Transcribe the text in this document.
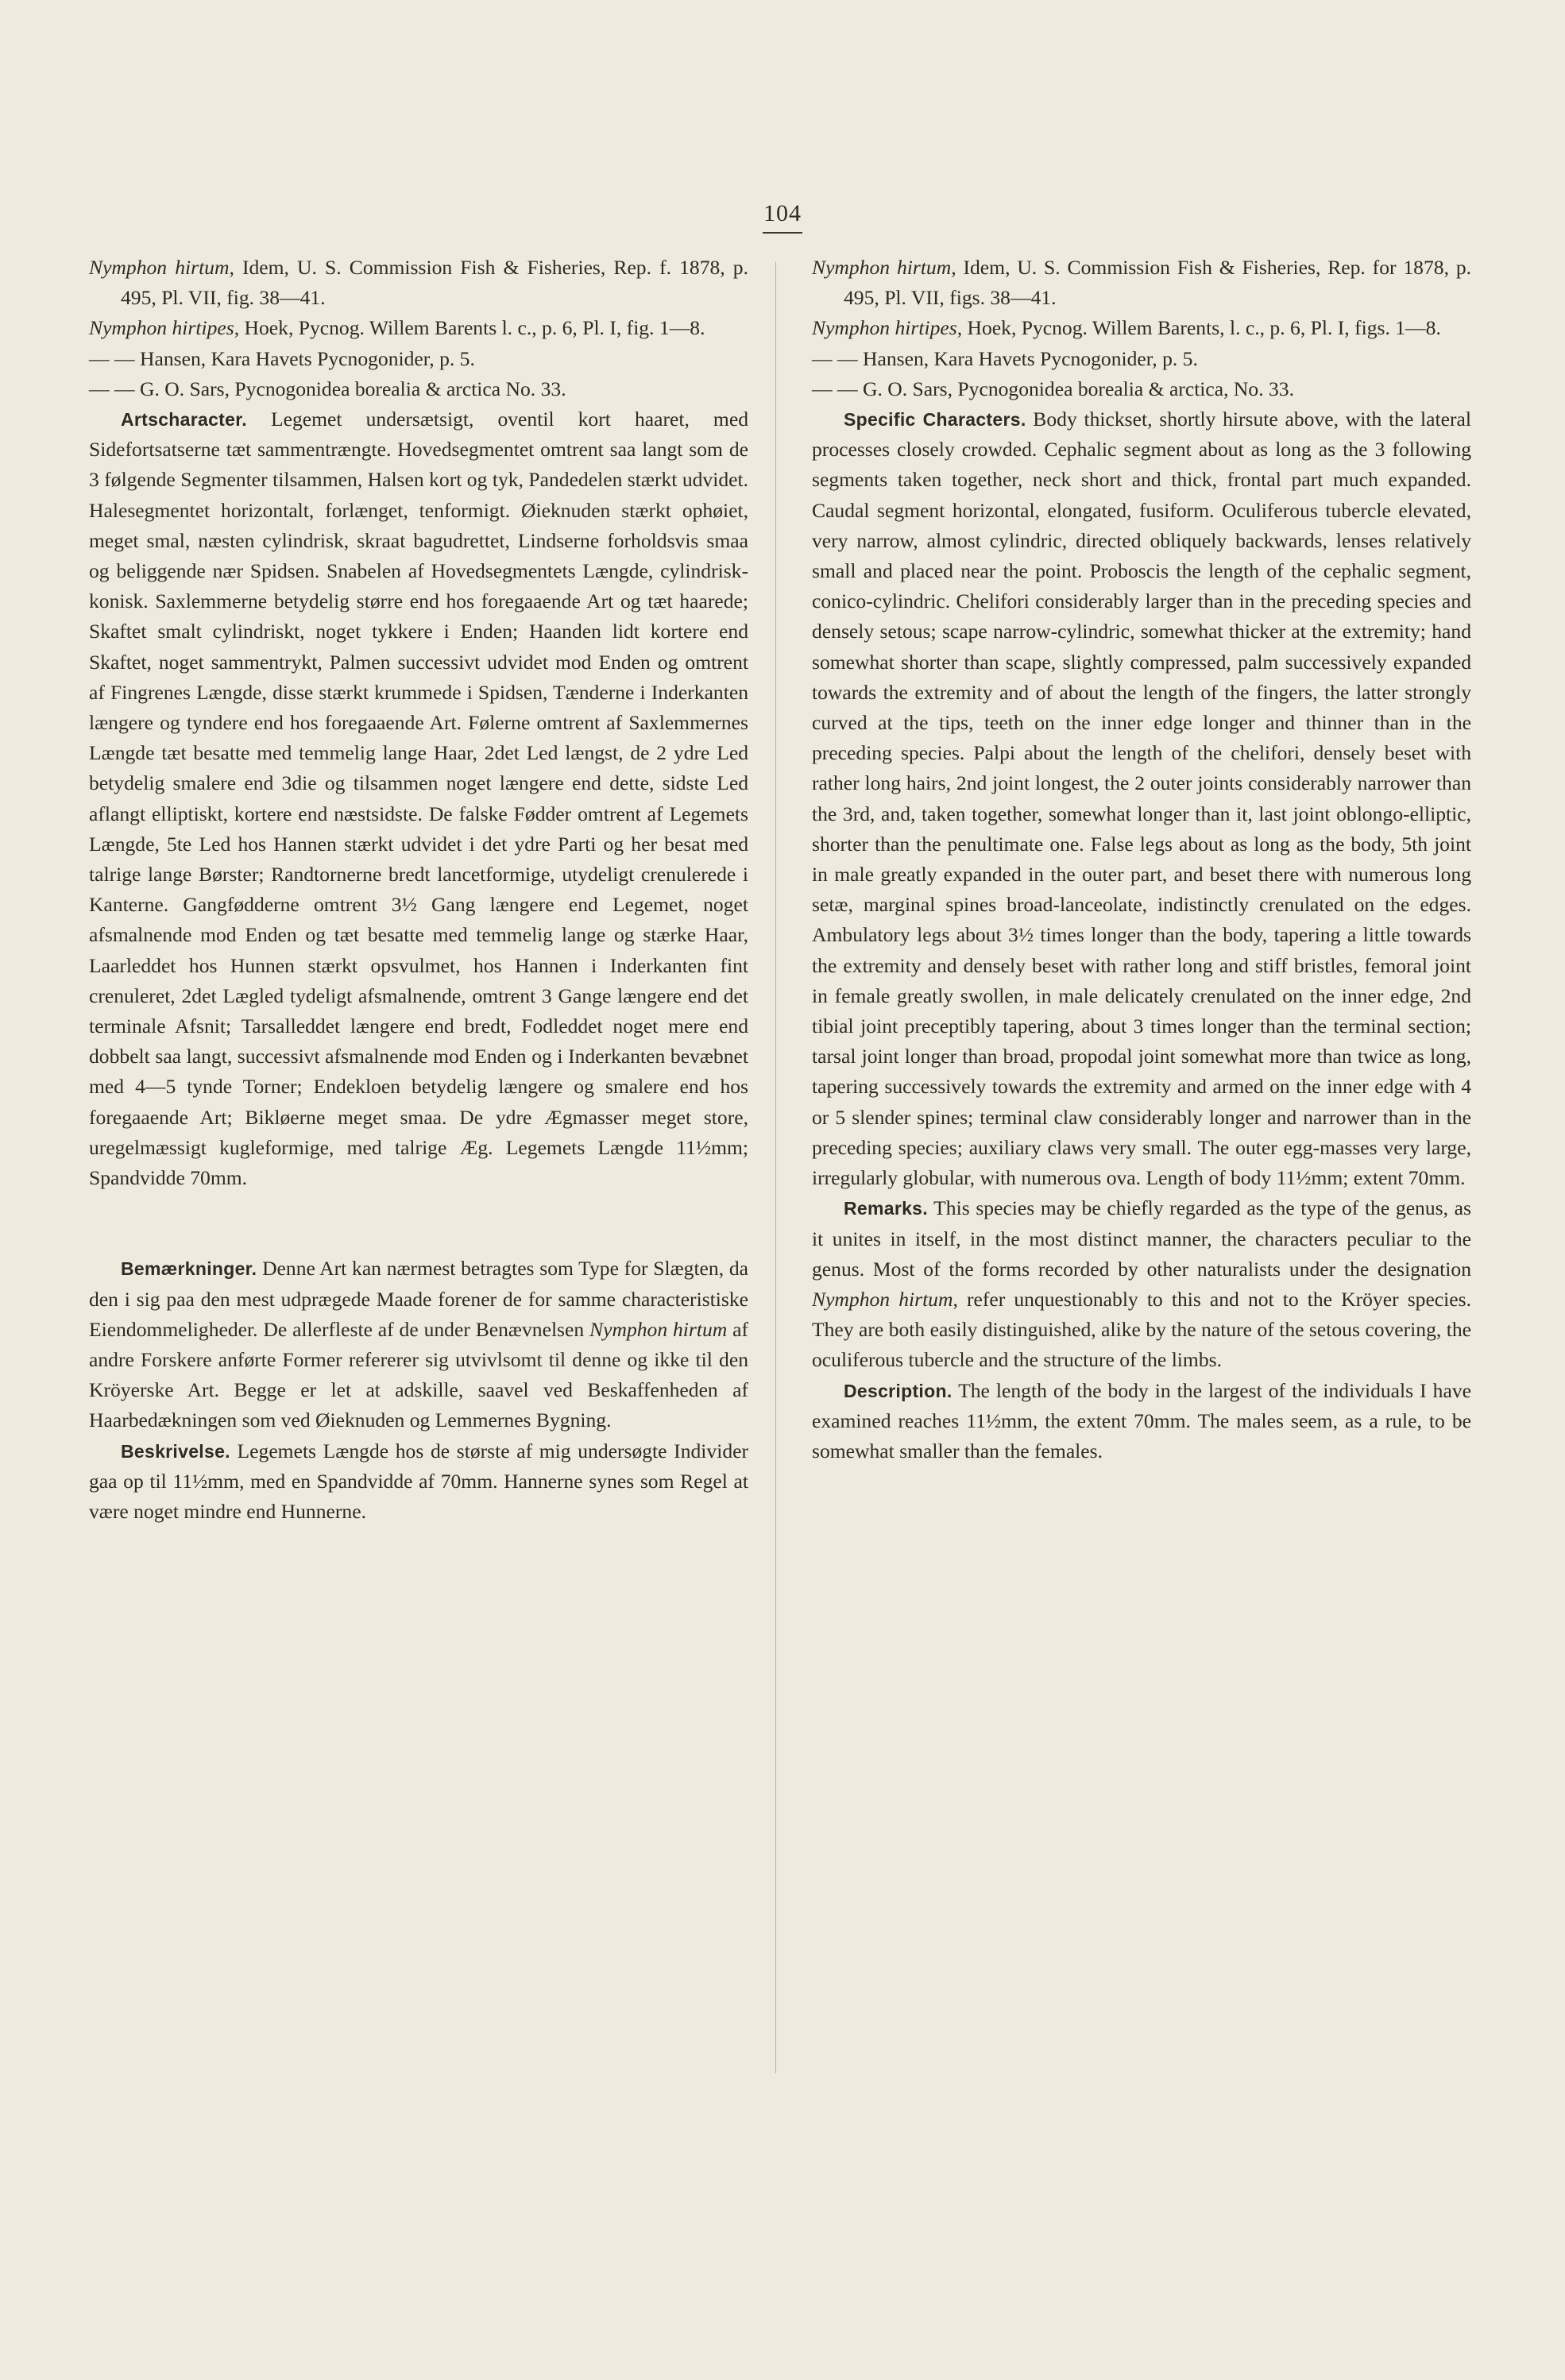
104

Nymphon hirtum, Idem, U. S. Commission Fish & Fisheries, Rep. f. 1878, p. 495, Pl. VII, fig. 38—41.

Nymphon hirtipes, Hoek, Pycnog. Willem Barents l. c., p. 6, Pl. I, fig. 1—8.

— — Hansen, Kara Havets Pycnogonider, p. 5.

— — G. O. Sars, Pycnogonidea borealia & arctica No. 33.

Artscharacter. Legemet undersætsigt, oventil kort haaret, med Sidefortsatserne tæt sammentrængte. Hovedsegmentet omtrent saa langt som de 3 følgende Segmenter tilsammen, Halsen kort og tyk, Pandedelen stærkt udvidet. Halesegmentet horizontalt, forlænget, tenformigt. Øieknuden stærkt ophøiet, meget smal, næsten cylindrisk, skraat bagudrettet, Lindserne forholdsvis smaa og beliggende nær Spidsen. Snabelen af Hovedsegmentets Længde, cylindrisk-konisk. Saxlemmerne betydelig større end hos foregaaende Art og tæt haarede; Skaftet smalt cylindriskt, noget tykkere i Enden; Haanden lidt kortere end Skaftet, noget sammentrykt, Palmen successivt udvidet mod Enden og omtrent af Fingrenes Længde, disse stærkt krummede i Spidsen, Tænderne i Inderkanten længere og tyndere end hos foregaaende Art. Følerne omtrent af Saxlemmernes Længde tæt besatte med temmelig lange Haar, 2det Led længst, de 2 ydre Led betydelig smalere end 3die og tilsammen noget længere end dette, sidste Led aflangt elliptiskt, kortere end næstsidste. De falske Fødder omtrent af Legemets Længde, 5te Led hos Hannen stærkt udvidet i det ydre Parti og her besat med talrige lange Børster; Randtornerne bredt lancetformige, utydeligt crenulerede i Kanterne. Gangfødderne omtrent 3½ Gang længere end Legemet, noget afsmalnende mod Enden og tæt besatte med temmelig lange og stærke Haar, Laarleddet hos Hunnen stærkt opsvulmet, hos Hannen i Inderkanten fint crenuleret, 2det Lægled tydeligt afsmalnende, omtrent 3 Gange længere end det terminale Afsnit; Tarsalleddet længere end bredt, Fodleddet noget mere end dobbelt saa langt, successivt afsmalnende mod Enden og i Inderkanten bevæbnet med 4—5 tynde Torner; Endekloen betydelig længere og smalere end hos foregaaende Art; Bikløerne meget smaa. De ydre Ægmasser meget store, uregelmæssigt kugleformige, med talrige Æg. Legemets Længde 11½mm; Spandvidde 70mm.

Bemærkninger. Denne Art kan nærmest betragtes som Type for Slægten, da den i sig paa den mest udprægede Maade forener de for samme characteristiske Eiendommeligheder. De allerfleste af de under Benævnelsen Nymphon hirtum af andre Forskere anførte Former refererer sig utvivlsomt til denne og ikke til den Kröyerske Art. Begge er let at adskille, saavel ved Beskaffenheden af Haarbedækningen som ved Øieknuden og Lemmernes Bygning.

Beskrivelse. Legemets Længde hos de største af mig undersøgte Individer gaa op til 11½mm, med en Spandvidde af 70mm. Hannerne synes som Regel at være noget mindre end Hunnerne.

Nymphon hirtum, Idem, U. S. Commission Fish & Fisheries, Rep. for 1878, p. 495, Pl. VII, figs. 38—41.

Nymphon hirtipes, Hoek, Pycnog. Willem Barents, l. c., p. 6, Pl. I, figs. 1—8.

— — Hansen, Kara Havets Pycnogonider, p. 5.

— — G. O. Sars, Pycnogonidea borealia & arctica, No. 33.

Specific Characters. Body thickset, shortly hirsute above, with the lateral processes closely crowded. Cephalic segment about as long as the 3 following segments taken together, neck short and thick, frontal part much expanded. Caudal segment horizontal, elongated, fusiform. Oculiferous tubercle elevated, very narrow, almost cylindric, directed obliquely backwards, lenses relatively small and placed near the point. Proboscis the length of the cephalic segment, conico-cylindric. Chelifori considerably larger than in the preceding species and densely setous; scape narrow-cylindric, somewhat thicker at the extremity; hand somewhat shorter than scape, slightly compressed, palm successively expanded towards the extremity and of about the length of the fingers, the latter strongly curved at the tips, teeth on the inner edge longer and thinner than in the preceding species. Palpi about the length of the chelifori, densely beset with rather long hairs, 2nd joint longest, the 2 outer joints considerably narrower than the 3rd, and, taken together, somewhat longer than it, last joint oblongo-elliptic, shorter than the penultimate one. False legs about as long as the body, 5th joint in male greatly expanded in the outer part, and beset there with numerous long setæ, marginal spines broad-lanceolate, indistinctly crenulated on the edges. Ambulatory legs about 3½ times longer than the body, tapering a little towards the extremity and densely beset with rather long and stiff bristles, femoral joint in female greatly swollen, in male delicately crenulated on the inner edge, 2nd tibial joint preceptibly tapering, about 3 times longer than the terminal section; tarsal joint longer than broad, propodal joint somewhat more than twice as long, tapering successively towards the extremity and armed on the inner edge with 4 or 5 slender spines; terminal claw considerably longer and narrower than in the preceding species; auxiliary claws very small. The outer egg-masses very large, irregularly globular, with numerous ova. Length of body 11½mm; extent 70mm.

Remarks. This species may be chiefly regarded as the type of the genus, as it unites in itself, in the most distinct manner, the characters peculiar to the genus. Most of the forms recorded by other naturalists under the designation Nymphon hirtum, refer unquestionably to this and not to the Kröyer species. They are both easily distinguished, alike by the nature of the setous covering, the oculiferous tubercle and the structure of the limbs.

Description. The length of the body in the largest of the individuals I have examined reaches 11½mm, the extent 70mm. The males seem, as a rule, to be somewhat smaller than the females.
